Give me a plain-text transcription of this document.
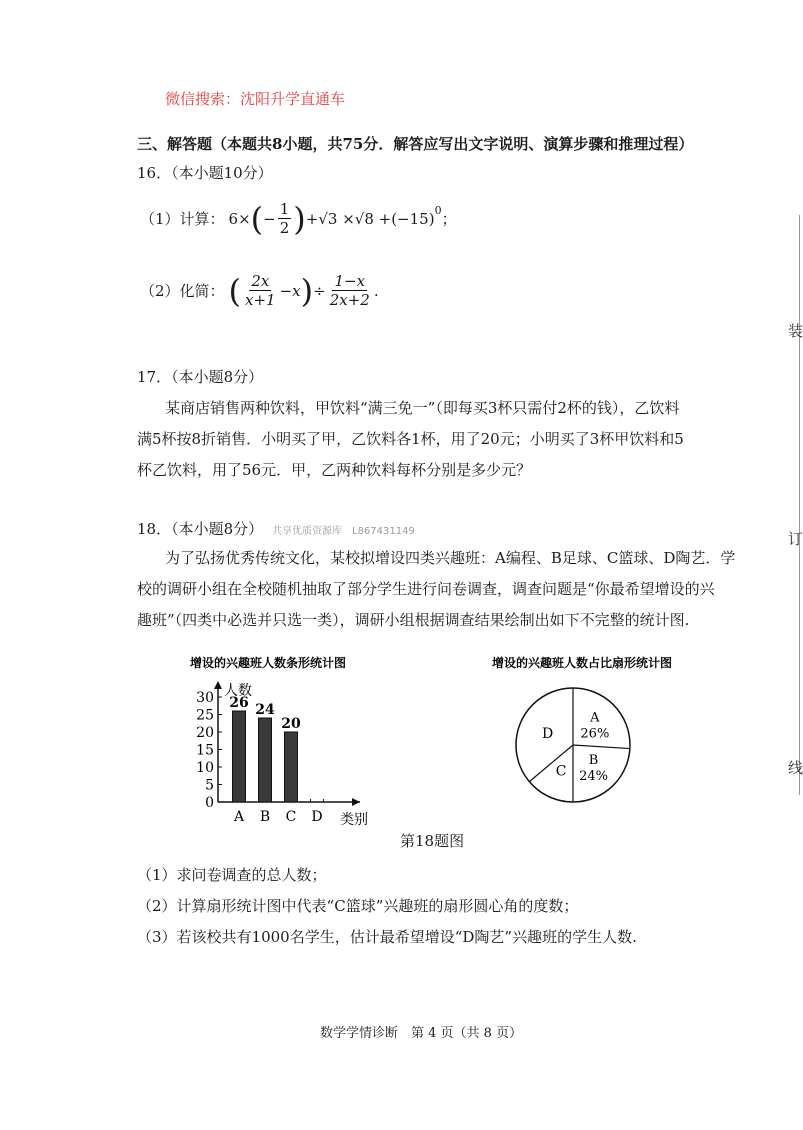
微信搜索：沈阳升学直通车
三、解答题（本题共8小题，共75分．解答应写出文字说明、演算步骤和推理过程）
16．（本小题10分）
（1）计算： 6× ( − $\frac{1}{2}$ ) $+√3 \times√8 +(-15)^0$ ；
（2）化简： ( $\frac{2x}{x+1} -x$ ) ÷ $\frac{1-x}{2x+2}$ .
17．（本小题8分）
某商店销售两种饮料，甲饮料“满三免一”（即每买3杯只需付2杯的钱），乙饮料
满5杯按8折销售．小明买了甲，乙饮料各1杯，用了20元；小明买了3杯甲饮料和5
杯乙饮料，用了56元．甲，乙两种饮料每杯分别是多少元？
18．（本小题8分） 共享优质资源库　L867431149
为了弘扬优秀传统文化，某校拟增设四类兴趣班：A编程、B足球、C篮球、D陶艺．学
校的调研小组在全校随机抽取了部分学生进行问卷调查，调查问题是“你最希望增设的兴
趣班”（四类中必选并只选一类），调研小组根据调查结果绘制出如下不完整的统计图.
增设的兴趣班人数条形统计图
人数
类别
0
5
10
15
20
25
30
A
26
B
24
C
20
D
增设的兴趣班人数占比扇形统计图
A
26%
B
24%
C
D
第18题图
（1）求问卷调查的总人数；
（2）计算扇形统计图中代表“C篮球”兴趣班的扇形圆心角的度数；
（3）若该校共有1000名学生，估计最希望增设“D陶艺”兴趣班的学生人数.
数学学情诊断　第 4 页（共 8 页）
装
订
线
